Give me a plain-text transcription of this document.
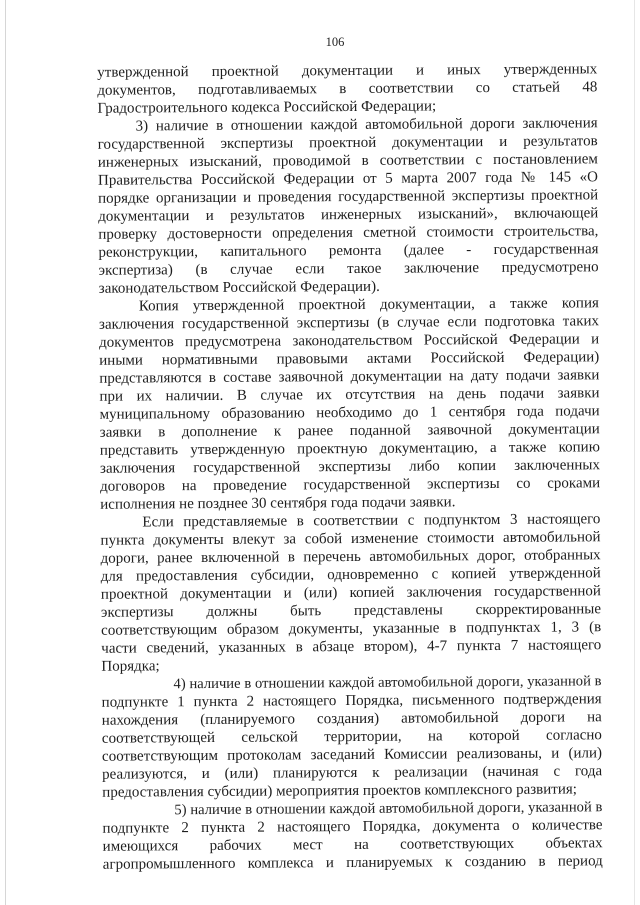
106
утвержденной проектной документации и иных утвержденных
документов, подготавливаемых в соответствии со статьей 48
Градостроительного кодекса Российской Федерации;
3) наличие в отношении каждой автомобильной дороги заключения
государственной экспертизы проектной документации и результатов
инженерных изысканий, проводимой в соответствии с постановлением
Правительства Российской Федерации от 5 марта 2007 года № 145 «О
порядке организации и проведения государственной экспертизы проектной
документации и результатов инженерных изысканий», включающей
проверку достоверности определения сметной стоимости строительства,
реконструкции, капитального ремонта (далее - государственная
экспертиза) (в случае если такое заключение предусмотрено
законодательством Российской Федерации).
Копия утвержденной проектной документации, а также копия
заключения государственной экспертизы (в случае если подготовка таких
документов предусмотрена законодательством Российской Федерации и
иными нормативными правовыми актами Российской Федерации)
представляются в составе заявочной документации на дату подачи заявки
при их наличии. В случае их отсутствия на день подачи заявки
муниципальному образованию необходимо до 1 сентября года подачи
заявки в дополнение к ранее поданной заявочной документации
представить утвержденную проектную документацию, а также копию
заключения государственной экспертизы либо копии заключенных
договоров на проведение государственной экспертизы со сроками
исполнения не позднее 30 сентября года подачи заявки.
Если представляемые в соответствии с подпунктом 3 настоящего
пункта документы влекут за собой изменение стоимости автомобильной
дороги, ранее включенной в перечень автомобильных дорог, отобранных
для предоставления субсидии, одновременно с копией утвержденной
проектной документации и (или) копией заключения государственной
экспертизы должны быть представлены скорректированные
соответствующим образом документы, указанные в подпунктах 1, 3 (в
части сведений, указанных в абзаце втором), 4-7 пункта 7 настоящего
Порядка;
4) наличие в отношении каждой автомобильной дороги, указанной в
подпункте 1 пункта 2 настоящего Порядка, письменного подтверждения
нахождения (планируемого создания) автомобильной дороги на
соответствующей сельской территории, на которой согласно
соответствующим протоколам заседаний Комиссии реализованы, и (или)
реализуются, и (или) планируются к реализации (начиная с года
предоставления субсидии) мероприятия проектов комплексного развития;
5) наличие в отношении каждой автомобильной дороги, указанной в
подпункте 2 пункта 2 настоящего Порядка, документа о количестве
имеющихся рабочих мест на соответствующих объектах
агропромышленного комплекса и планируемых к созданию в период
